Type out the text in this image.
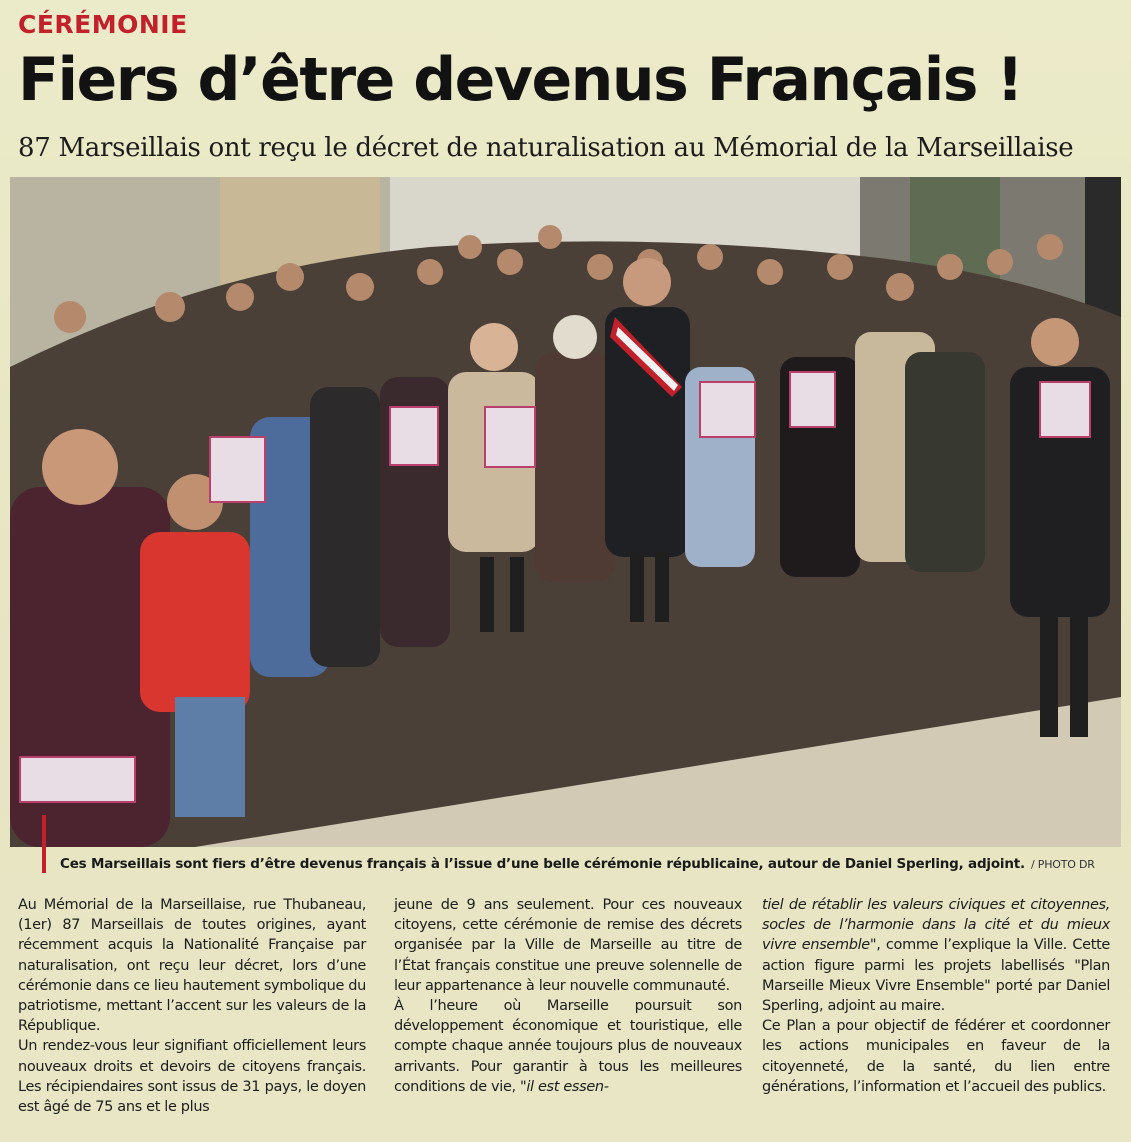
CÉRÉMONIE
Fiers d’être devenus Français !
87 Marseillais ont reçu le décret de naturalisation au Mémorial de la Marseillaise
Ces Marseillais sont fiers d’être devenus français à l’issue d’une belle cérémonie républicaine, autour de Daniel Sperling, adjoint. / PHOTO DR

Au Mémorial de la Marseillaise, rue Thubaneau, (1er) 87 Marseillais de toutes origines, ayant récemment acquis la Nationalité Française par naturalisation, ont reçu leur décret, lors d’une cérémonie dans ce lieu hautement symbolique du patriotisme, mettant l’accent sur les valeurs de la République.

Un rendez-vous leur signifiant officiellement leurs nouveaux droits et devoirs de citoyens français. Les récipiendaires sont issus de 31 pays, le doyen est âgé de 75 ans et le plus

jeune de 9 ans seulement. Pour ces nouveaux citoyens, cette cérémonie de remise des décrets organisée par la Ville de Marseille au titre de l’État français constitue une preuve solennelle de leur appartenance à leur nouvelle communauté.

À l’heure où Marseille poursuit son développement économique et touristique, elle compte chaque année toujours plus de nouveaux arrivants. Pour garantir à tous les meilleures conditions de vie, "il est essen-

tiel de rétablir les valeurs civiques et citoyennes, socles de l’harmonie dans la cité et du mieux vivre ensemble", comme l’explique la Ville. Cette action figure parmi les projets labellisés "Plan Marseille Mieux Vivre Ensemble" porté par Daniel Sperling, adjoint au maire.

Ce Plan a pour objectif de fédérer et coordonner les actions municipales en faveur de la citoyenneté, de la santé, du lien entre générations, l’information et l’accueil des publics.
